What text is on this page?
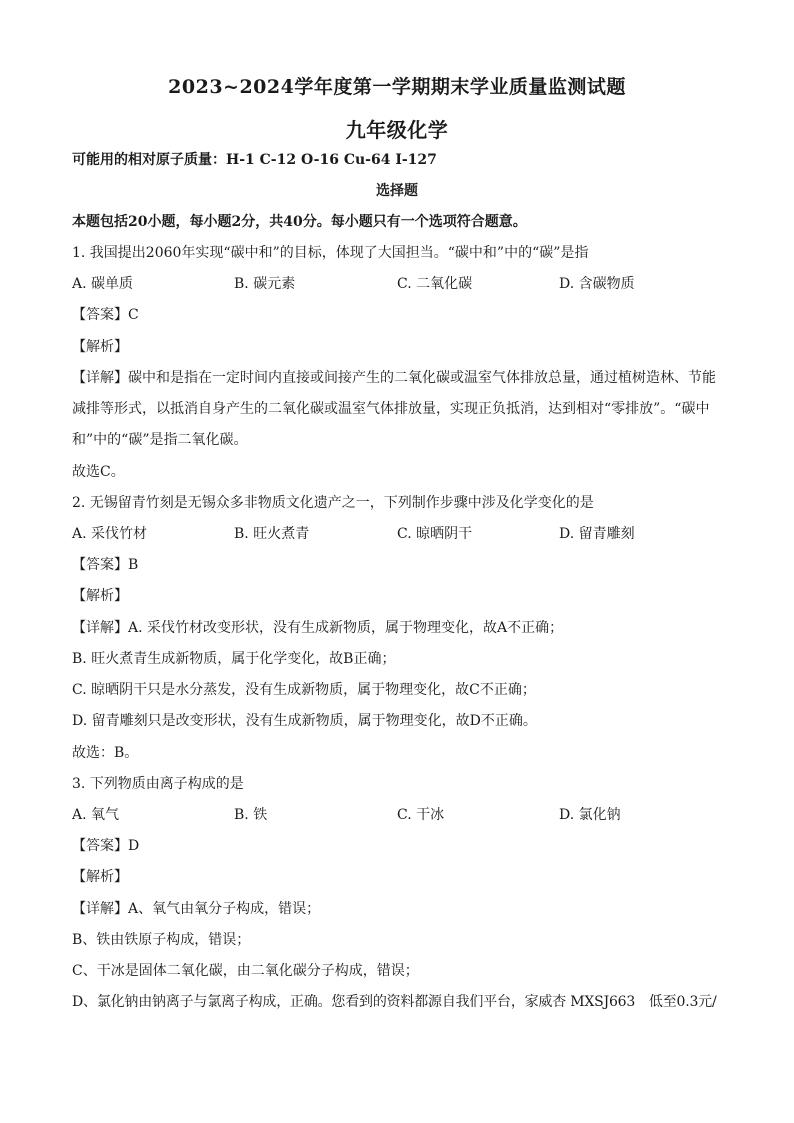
2023~2024学年度第一学期期末学业质量监测试题
九年级化学
可能用的相对原子质量：H-1 C-12 O-16 Cu-64 I-127
选择题
本题包括20小题，每小题2分，共40分。每小题只有一个选项符合题意。
1. 我国提出2060年实现“碳中和”的目标，体现了大国担当。“碳中和”中的“碳”是指
A. 碳单质	B. 碳元素	C. 二氧化碳	D. 含碳物质
【答案】C
【解析】
【详解】碳中和是指在一定时间内直接或间接产生的二氧化碳或温室气体排放总量，通过植树造林、节能
减排等形式，以抵消自身产生的二氧化碳或温室气体排放量，实现正负抵消，达到相对“零排放”。“碳中
和”中的“碳”是指二氧化碳。
故选C。
2. 无锡留青竹刻是无锡众多非物质文化遗产之一，下列制作步骤中涉及化学变化的是
A. 采伐竹材	B. 旺火煮青	C. 晾晒阴干	D. 留青雕刻
【答案】B
【解析】
【详解】A. 采伐竹材改变形状，没有生成新物质，属于物理变化，故A不正确；
B. 旺火煮青生成新物质，属于化学变化，故B正确；
C. 晾晒阴干只是水分蒸发，没有生成新物质，属于物理变化，故C不正确；
D. 留青雕刻只是改变形状，没有生成新物质，属于物理变化，故D不正确。
故选：B。
3. 下列物质由离子构成的是
A. 氧气	B. 铁	C. 干冰	D. 氯化钠
【答案】D
【解析】
【详解】A、氧气由氧分子构成，错误；
B、铁由铁原子构成，错误；
C、干冰是固体二氧化碳，由二氧化碳分子构成，错误；
D、氯化钠由钠离子与氯离子构成，正确。您看到的资料都源自我们平台，家威杏 MXSJ663　低至0.3元/
